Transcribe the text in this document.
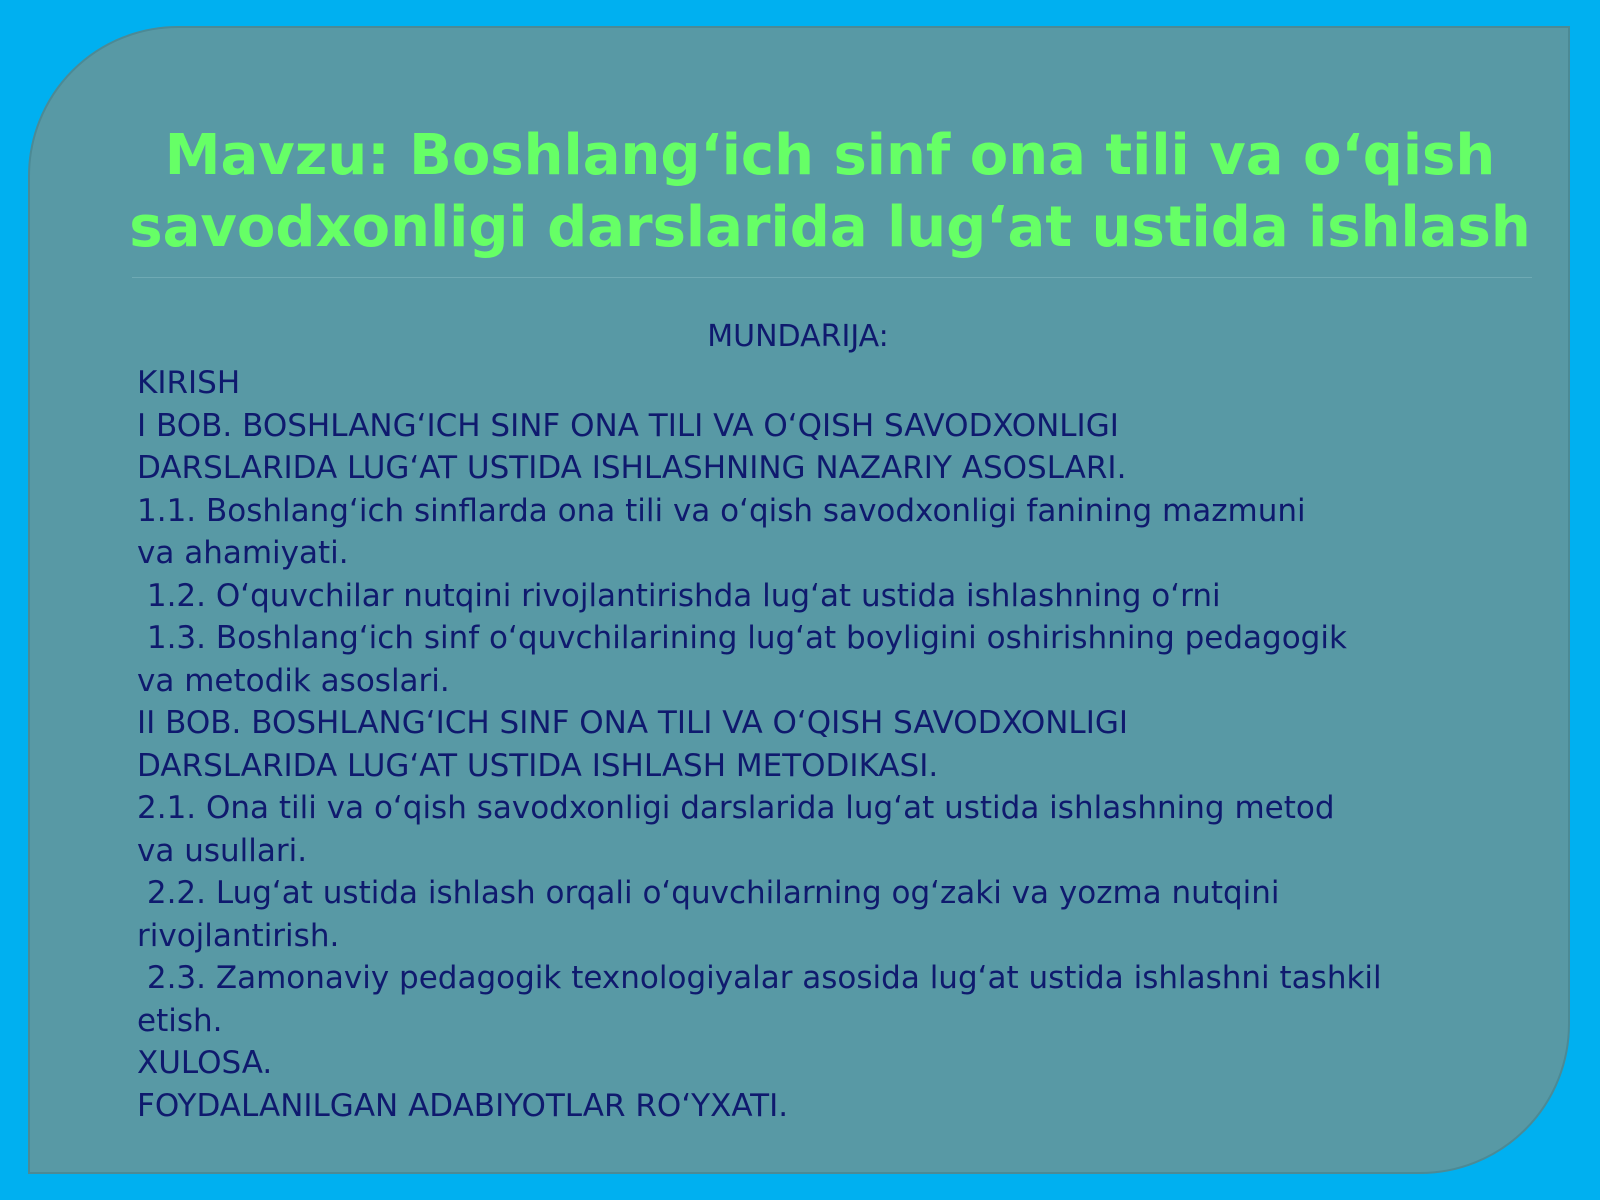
Mavzu: Boshlang‘ich sinf ona tili va o‘qish
savodxonligi darslarida lug‘at ustida ishlash
MUNDARIJA:
KIRISH
I BOB. BOSHLANG‘ICH SINF ONA TILI VA O‘QISH SAVODXONLIGI
DARSLARIDA LUG‘AT USTIDA ISHLASHNING NAZARIY ASOSLARI.
1.1. Boshlang‘ich sinflarda ona tili va o‘qish savodxonligi fanining mazmuni
va ahamiyati.
1.2. O‘quvchilar nutqini rivojlantirishda lug‘at ustida ishlashning o‘rni
1.3. Boshlang‘ich sinf o‘quvchilarining lug‘at boyligini oshirishning pedagogik
va metodik asoslari.
II BOB. BOSHLANG‘ICH SINF ONA TILI VA O‘QISH SAVODXONLIGI
DARSLARIDA LUG‘AT USTIDA ISHLASH METODIKASI.
2.1. Ona tili va o‘qish savodxonligi darslarida lug‘at ustida ishlashning metod
va usullari.
2.2. Lug‘at ustida ishlash orqali o‘quvchilarning og‘zaki va yozma nutqini
rivojlantirish.
2.3. Zamonaviy pedagogik texnologiyalar asosida lug‘at ustida ishlashni tashkil
etish.
XULOSA.
FOYDALANILGAN ADABIYOTLAR RO‘YXATI.
